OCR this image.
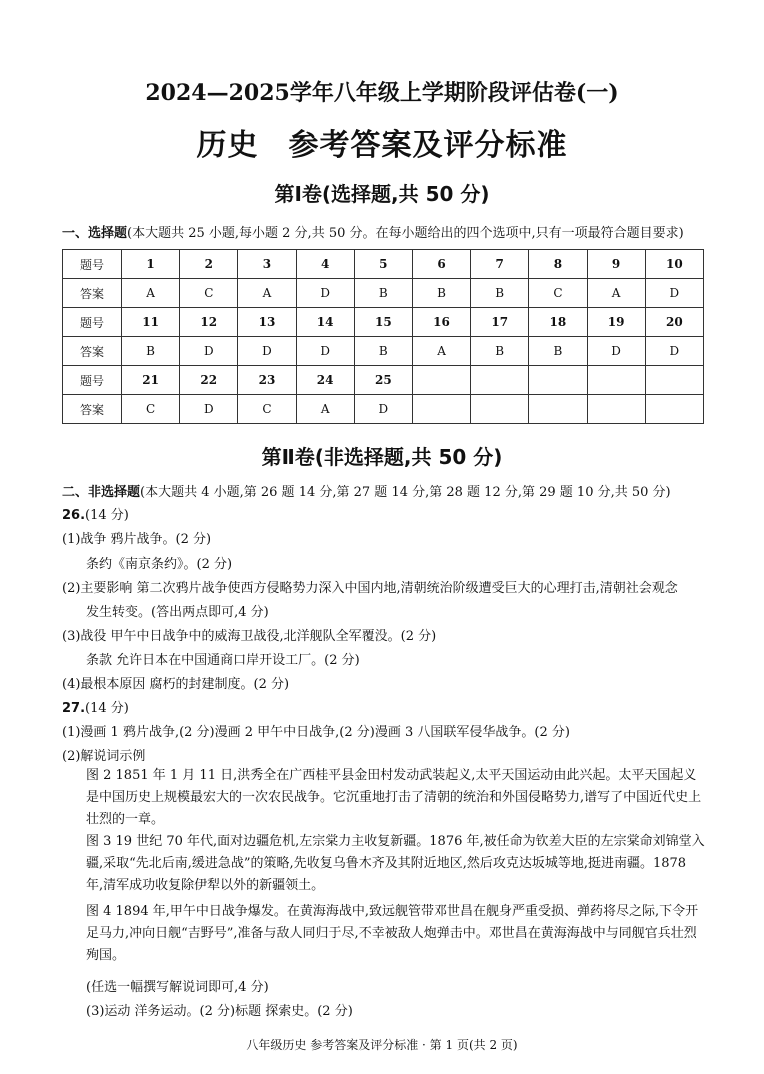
2024—2025学年八年级上学期阶段评估卷(一)
历史 参考答案及评分标准
第Ⅰ卷(选择题,共 50 分)
一、选择题(本大题共 25 小题,每小题 2 分,共 50 分。在每小题给出的四个选项中,只有一项最符合题目要求)
题号	1	2	3	4	5	6	7	8	9	10
答案	A	C	A	D	B	B	B	C	A	D
题号	11	12	13	14	15	16	17	18	19	20
答案	B	D	D	D	B	A	B	B	D	D
题号	21	22	23	24	25					
答案	C	D	C	A	D					
第Ⅱ卷(非选择题,共 50 分)
二、非选择题(本大题共 4 小题,第 26 题 14 分,第 27 题 14 分,第 28 题 12 分,第 29 题 10 分,共 50 分)
26.(14 分)
(1)战争 鸦片战争。(2 分)
条约《南京条约》。(2 分)
(2)主要影响 第二次鸦片战争使西方侵略势力深入中国内地,清朝统治阶级遭受巨大的心理打击,清朝社会观念
发生转变。(答出两点即可,4 分)
(3)战役 甲午中日战争中的威海卫战役,北洋舰队全军覆没。(2 分)
条款 允许日本在中国通商口岸开设工厂。(2 分)
(4)最根本原因 腐朽的封建制度。(2 分)
27.(14 分)
(1)漫画 1 鸦片战争,(2 分)漫画 2 甲午中日战争,(2 分)漫画 3 八国联军侵华战争。(2 分)
(2)解说词示例
图 2 1851 年 1 月 11 日,洪秀全在广西桂平县金田村发动武装起义,太平天国运动由此兴起。太平天国起义是中国历史上规模最宏大的一次农民战争。它沉重地打击了清朝的统治和外国侵略势力,谱写了中国近代史上壮烈的一章。
图 3 19 世纪 70 年代,面对边疆危机,左宗棠力主收复新疆。1876 年,被任命为钦差大臣的左宗棠命刘锦堂入疆,采取“先北后南,缓进急战”的策略,先收复乌鲁木齐及其附近地区,然后攻克达坂城等地,挺进南疆。1878 年,清军成功收复除伊犁以外的新疆领土。
图 4 1894 年,甲午中日战争爆发。在黄海海战中,致远舰管带邓世昌在舰身严重受损、弹药将尽之际,下令开足马力,冲向日舰“吉野号”,准备与敌人同归于尽,不幸被敌人炮弹击中。邓世昌在黄海海战中与同舰官兵壮烈殉国。
(任选一幅撰写解说词即可,4 分)
(3)运动 洋务运动。(2 分)标题 探索史。(2 分)
八年级历史 参考答案及评分标准 · 第 1 页(共 2 页)
